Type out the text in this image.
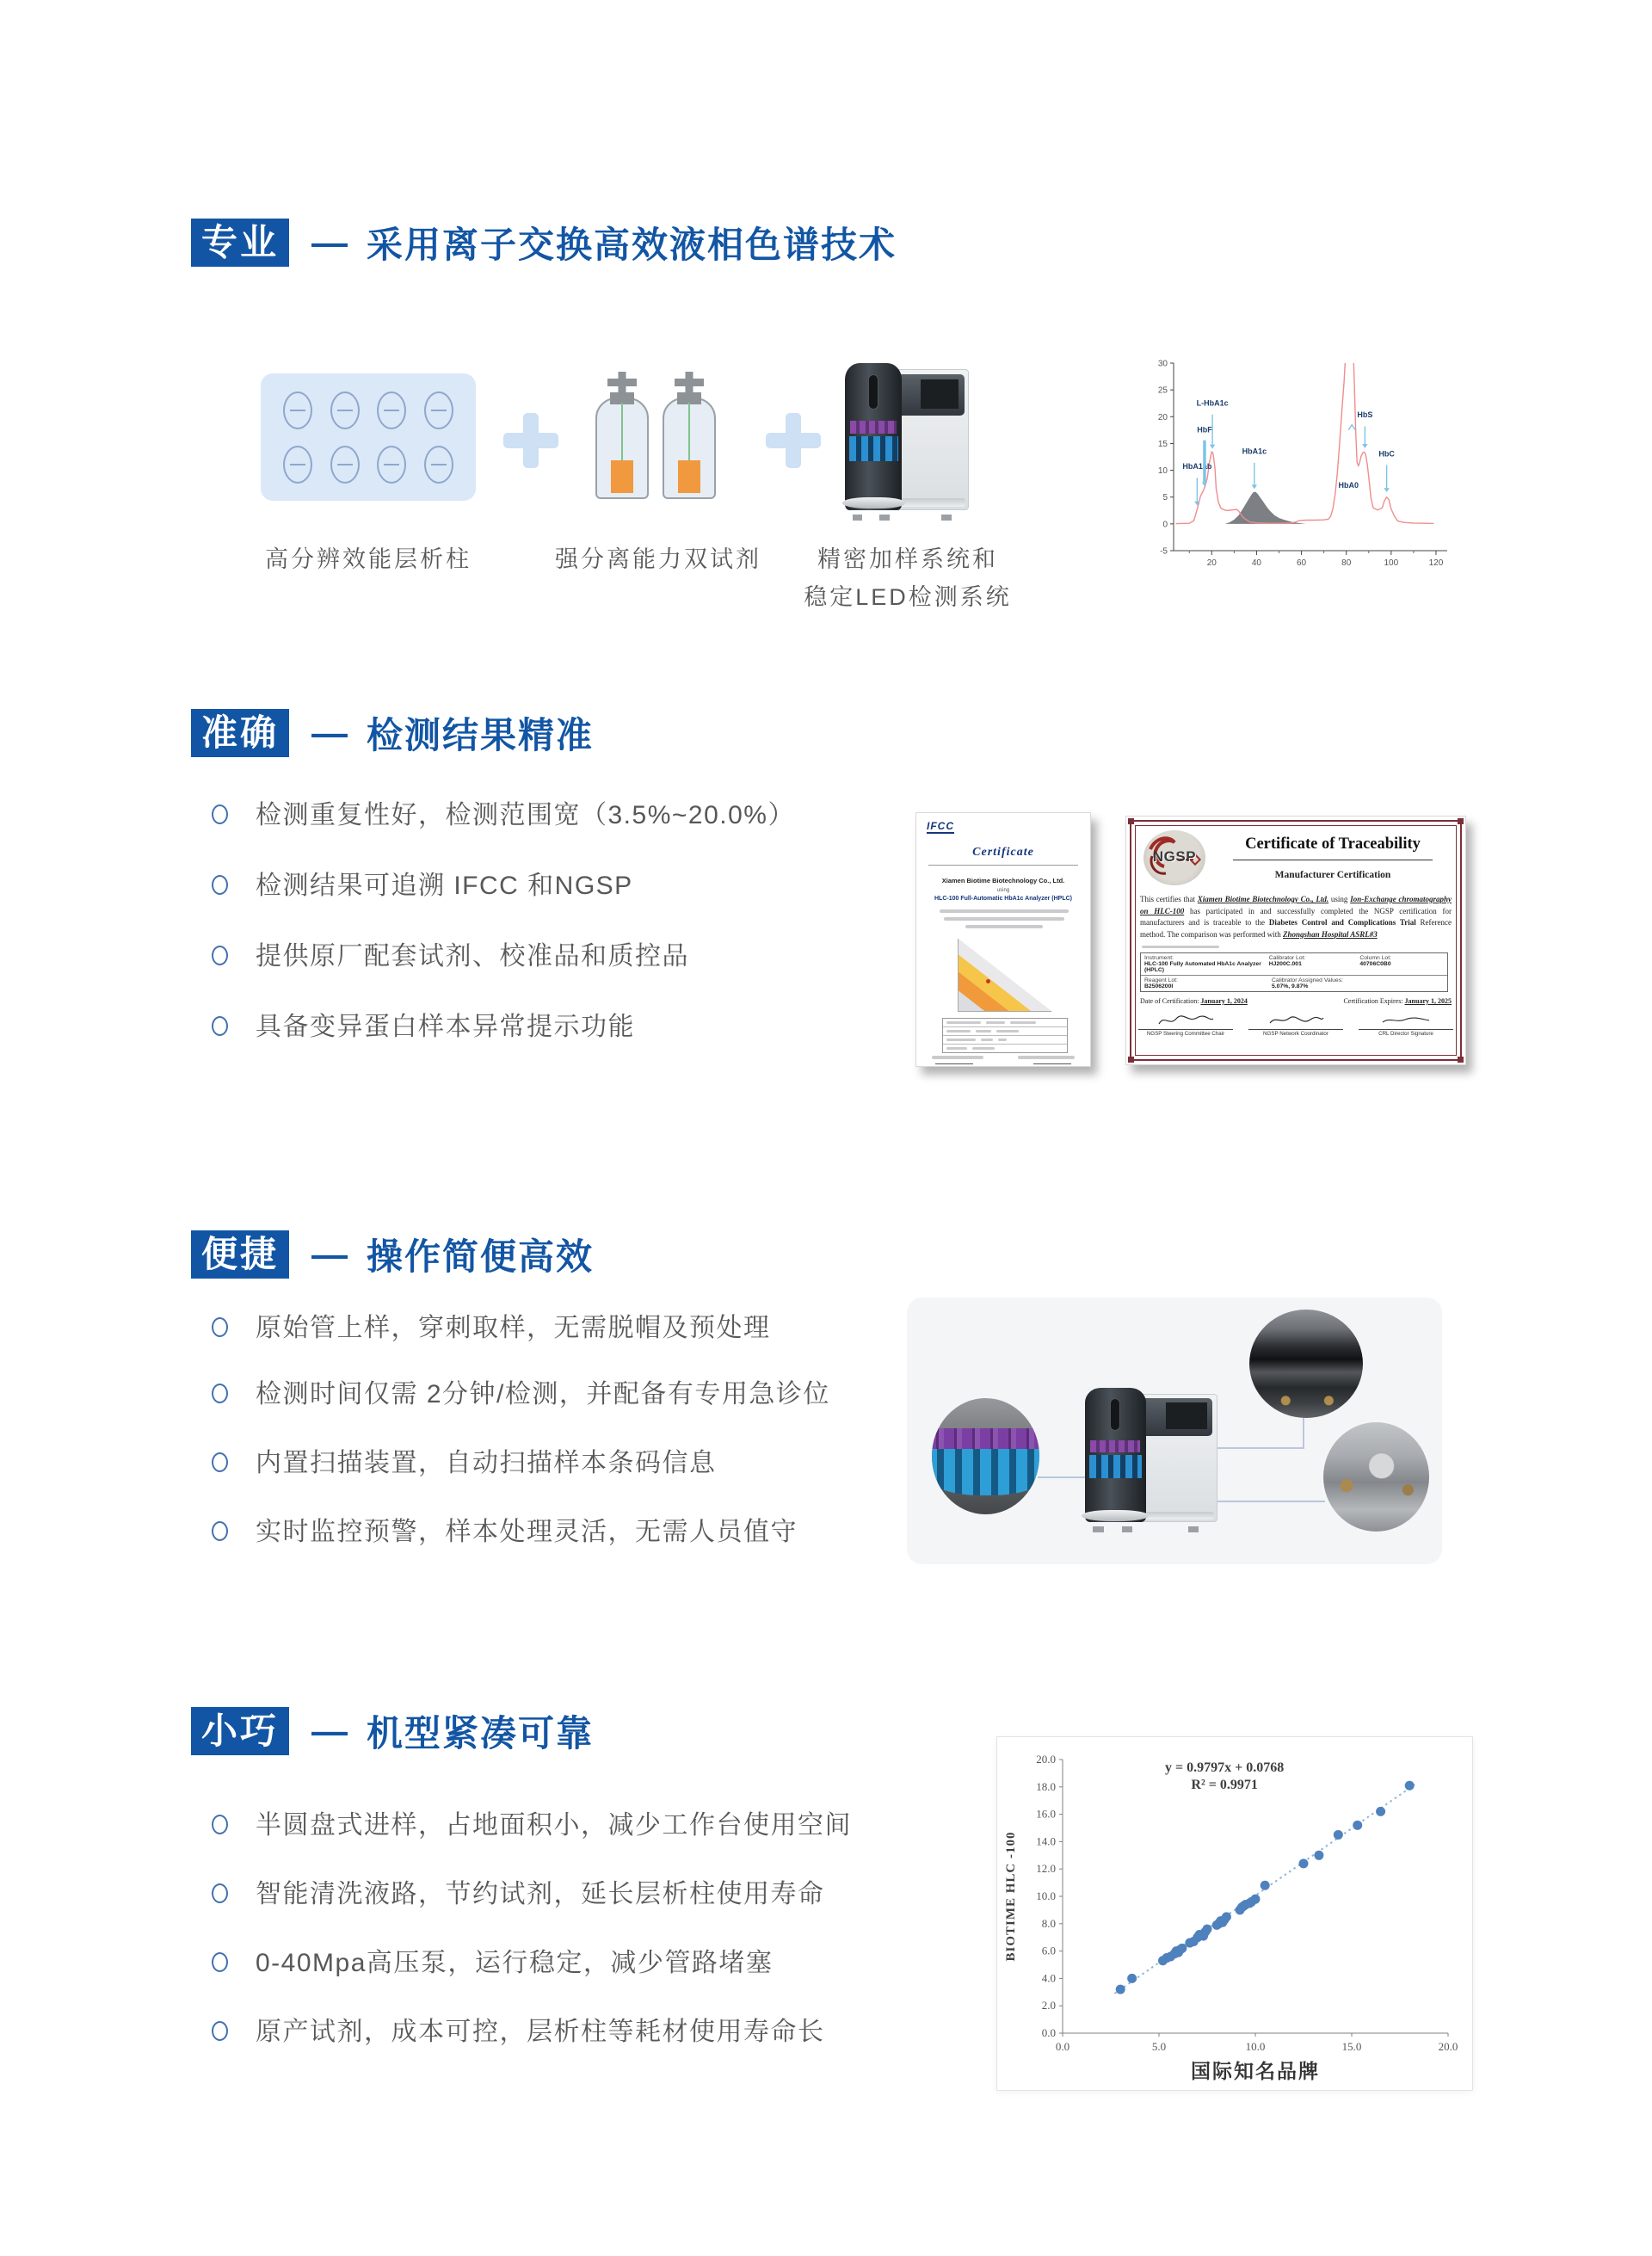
专业 — 采用离子交换高效液相色谱技术
高分辨效能层析柱	强分离能力双试剂	精密加样系统和
稳定LED检测系统
-5
0
5
10
15
20
25
30
20	40	60	80	100	120
HbA1ab
HbF
L-HbA1c
HbA1c
HbA0
HbS
HbC
准确 — 检测结果精准
检测重复性好，检测范围宽（3.5%~20.0%）
检测结果可追溯 IFCC 和NGSP
提供原厂配套试剂、校准品和质控品
具备变异蛋白样本异常提示功能
IFCC
Certificate
Xiamen Biotime Biotechnology Co., Ltd.
using
HLC-100 Full-Automatic HbA1c Analyzer (HPLC)
NGSP
Certificate of Traceability
Manufacturer Certification
This certifies that Xiamen Biotime Biotechnology Co., Ltd. using Ion-Exchange chromatography on HLC-100 has participated in and successfully completed the NGSP certification for manufacturers and is traceable to the Diabetes Control and Complications Trial Reference method. The comparison was performed with Zhongshan Hospital ASRL#3
Instrument:
HLC-100 Fully Automated HbA1c Analyzer (HPLC)
Calibrator Lot:
HJ200C.001
Column Lot:
40706C0B0
Reagent Lot:
B2506200I
Calibrator Assigned Values:
5.07%, 9.87%
Date of Certification: January 1, 2024	Certification Expires: January 1, 2025
NGSP Steering Committee Chair	NGSP Network Coordinator	CRL Director Signature
便捷 — 操作简便高效
原始管上样，穿刺取样，无需脱帽及预处理
检测时间仅需 2分钟/检测，并配备有专用急诊位
内置扫描装置，自动扫描样本条码信息
实时监控预警，样本处理灵活，无需人员值守
小巧 — 机型紧凑可靠
半圆盘式进样，占地面积小，减少工作台使用空间
智能清洗液路，节约试剂，延长层析柱使用寿命
0-40Mpa高压泵，运行稳定，减少管路堵塞
原产试剂，成本可控，层析柱等耗材使用寿命长	0.0
2.0
4.0
6.0
8.0
10.0
12.0
14.0
16.0
18.0
20.0
0.0	5.0	10.0	15.0	20.0
y = 0.9797x + 0.0768
R² = 0.9971
BIOTIME HLC -100
国际知名品牌
